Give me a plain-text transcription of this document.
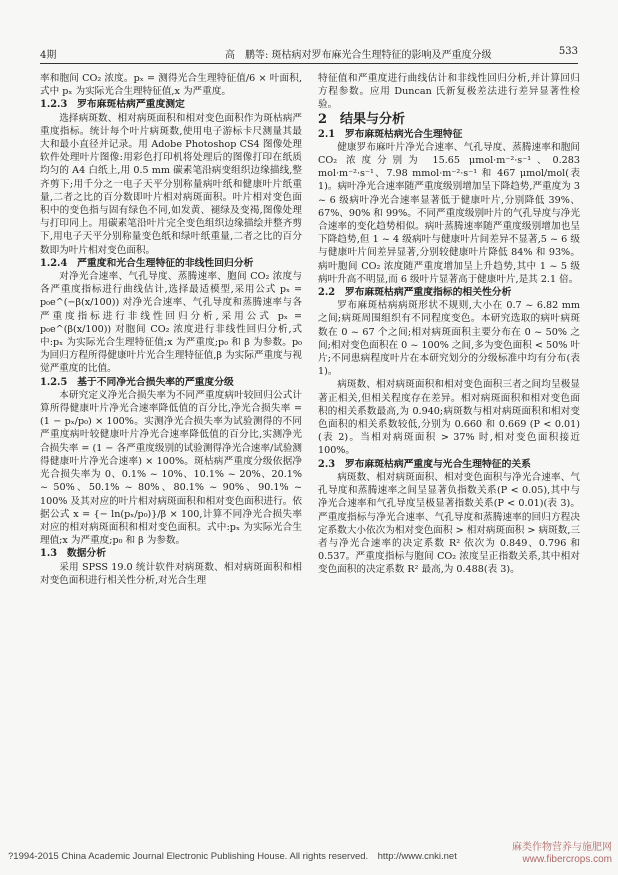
4期	高　鹏等: 斑枯病对罗布麻光合生理特征的影响及严重度分级	533

率和胞间 CO₂ 浓度。pₓ = 测得光合生理特征值/6 × 叶面积,式中 pₓ 为实际光合生理特征值,x 为严重度。

1.2.3　罗布麻斑枯病严重度测定

选择病斑数、相对病斑面积和相对变色面积作为斑枯病严重度指标。统计每个叶片病斑数,使用电子游标卡尺测量其最大和最小直径并记录。用 Adobe Photoshop CS4 图像处理软件处理叶片图像:用彩色打印机将处理后的图像打印在纸质均匀的 A4 白纸上,用 0.5 mm 碳素笔沿病变组织边缘描线,整齐剪下;用千分之一电子天平分别称量病叶纸和健康叶片纸重量,二者之比的百分数即叶片相对病斑面积。叶片相对变色面积中的变色指与固有绿色不同,如发黄、褪绿及变褐,图像处理与打印同上。用碳素笔沿叶片完全变色组织边缘描绘并整齐剪下,用电子天平分别称量变色纸和绿叶纸重量,二者之比的百分数即为叶片相对变色面积。

1.2.4　严重度和光合生理特征的非线性回归分析

对净光合速率、气孔导度、蒸腾速率、胞间 CO₂ 浓度与各严重度指标进行曲线估计,选择最适模型,采用公式 pₓ = p₀e^(−β(x/100)) 对净光合速率、气孔导度和蒸腾速率与各严重度指标进行非线性回归分析,采用公式 pₓ = p₀e^(β(x/100)) 对胞间 CO₂ 浓度进行非线性回归分析,式中:pₓ 为实际光合生理特征值;x 为严重度;p₀ 和 β 为参数。p₀ 为回归方程所得健康叶片光合生理特征值,β 为实际严重度与视觉严重度的比值。

1.2.5　基于不同净光合损失率的严重度分级

本研究定义净光合损失率为不同严重度病叶较回归公式计算所得健康叶片净光合速率降低值的百分比,净光合损失率 = (1 − pₓ/p₀) × 100%。实测净光合损失率为试验测得的不同严重度病叶较健康叶片净光合速率降低值的百分比,实测净光合损失率 = (1 − 各严重度级别的试验测得净光合速率/试验测得健康叶片净光合速率) × 100%。斑枯病严重度分级依据净光合损失率为 0、0.1% ~ 10%、10.1% ~ 20%、20.1% ~ 50%、50.1% ~ 80%、80.1% ~ 90%、90.1% ~ 100% 及其对应的叶片相对病斑面积和相对变色面积进行。依据公式 x = {− ln(pₓ/p₀)}/β × 100,计算不同净光合损失率对应的相对病斑面积和相对变色面积。式中:pₓ 为实际光合生理值;x 为严重度;p₀ 和 β 为参数。

1.3　数据分析

采用 SPSS 19.0 统计软件对病斑数、相对病斑面积和相对变色面积进行相关性分析,对光合生理

特征值和严重度进行曲线估计和非线性回归分析,并计算回归方程参数。应用 Duncan 氏新复极差法进行差异显著性检验。

2　结果与分析

2.1　罗布麻斑枯病光合生理特征

健康罗布麻叶片净光合速率、气孔导度、蒸腾速率和胞间 CO₂ 浓度分别为 15.65 μmol·m⁻²·s⁻¹、0.283 mol·m⁻²·s⁻¹、7.98 mmol·m⁻²·s⁻¹ 和 467 μmol/mol(表 1)。病叶净光合速率随严重度级别增加呈下降趋势,严重度为 3 ~ 6 级病叶净光合速率显著低于健康叶片,分别降低 39%、67%、90% 和 99%。不同严重度级别叶片的气孔导度与净光合速率的变化趋势相似。病叶蒸腾速率随严重度级别增加也呈下降趋势,但 1 ~ 4 级病叶与健康叶片间差异不显著,5 ~ 6 级与健康叶片间差异显著,分别较健康叶片降低 84% 和 93%。病叶胞间 CO₂ 浓度随严重度增加呈上升趋势,其中 1 ~ 5 级病叶升高不明显,而 6 级叶片显著高于健康叶片,是其 2.1 倍。

2.2　罗布麻斑枯病严重度指标的相关性分析

罗布麻斑枯病病斑形状不规则,大小在 0.7 ~ 6.82 mm 之间;病斑周围组织有不同程度变色。本研究选取的病叶病斑数在 0 ~ 67 个之间;相对病斑面积主要分布在 0 ~ 50% 之间;相对变色面积在 0 ~ 100% 之间,多为变色面积 < 50% 叶片;不同患病程度叶片在本研究划分的分级标准中均有分布(表 1)。

病斑数、相对病斑面积和相对变色面积三者之间均呈极显著正相关,但相关程度存在差异。相对病斑面积和相对变色面积的相关系数最高,为 0.940;病斑数与相对病斑面积和相对变色面积的相关系数较低,分别为 0.660 和 0.669 (P < 0.01)(表 2)。当相对病斑面积 > 37% 时,相对变色面积接近 100%。

2.3　罗布麻斑枯病严重度与光合生理特征的关系

病斑数、相对病斑面积、相对变色面积与净光合速率、气孔导度和蒸腾速率之间呈显著负指数关系(P < 0.05),其中与净光合速率和气孔导度呈极显著指数关系(P < 0.01)(表 3)。严重度指标与净光合速率、气孔导度和蒸腾速率的回归方程决定系数大小依次为相对变色面积 > 相对病斑面积 > 病斑数,三者与净光合速率的决定系数 R² 依次为 0.849、0.796 和 0.537。严重度指标与胞间 CO₂ 浓度呈正指数关系,其中相对变色面积的决定系数 R² 最高,为 0.488(表 3)。

?1994-2015 China Academic Journal Electronic Publishing House. All rights reserved.　http://www.cnki.net
麻类作物营养与施肥网
www.fibercrops.com
